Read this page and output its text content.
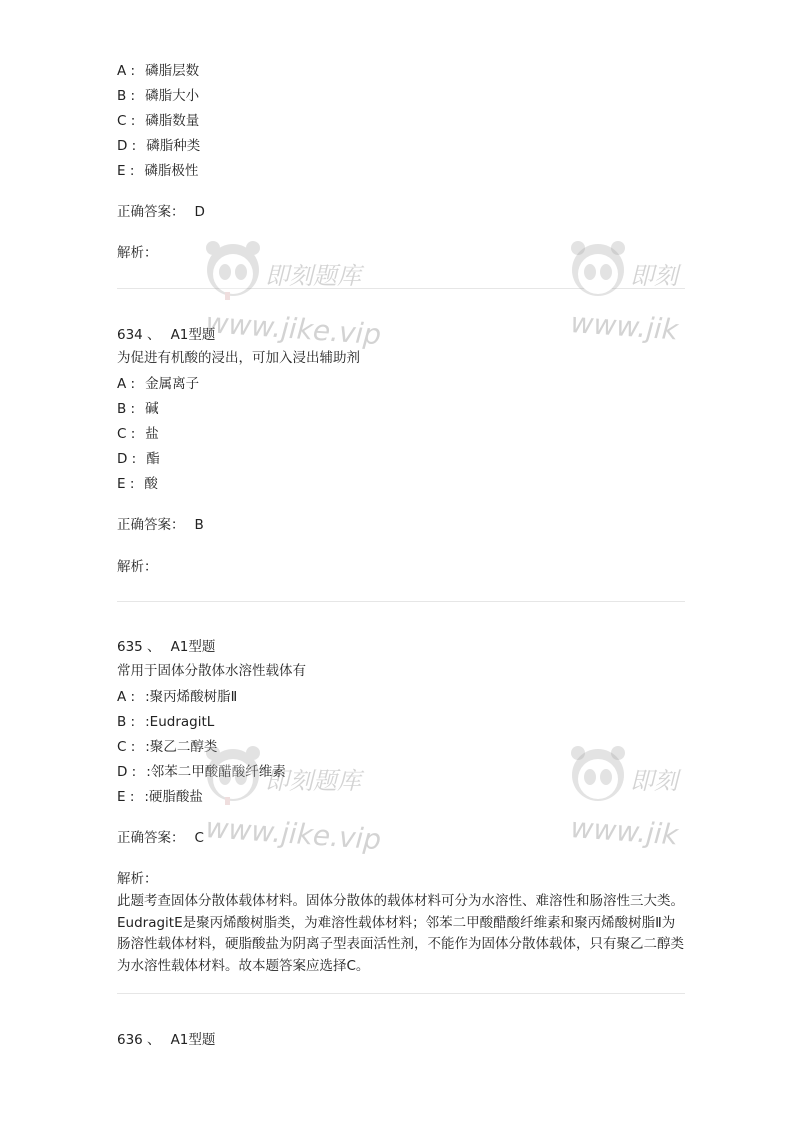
A : 磷脂层数
B : 磷脂大小
C : 磷脂数量
D : 磷脂种类
E : 磷脂极性
正确答案： D
解析：
634 、 A1型题
为促进有机酸的浸出，可加入浸出辅助剂
A : 金属离子
B : 碱
C : 盐
D : 酯
E : 酸
正确答案： B
解析：
635 、 A1型题
常用于固体分散体水溶性载体有
A : :聚丙烯酸树脂Ⅱ
B : :EudragitL
C : :聚乙二醇类
D : :邻苯二甲酸醋酸纤维素
E : :硬脂酸盐
正确答案： C
解析：
此题考查固体分散体载体材料。固体分散体的载体材料可分为水溶性、难溶性和肠溶性三大类。EudragitE是聚丙烯酸树脂类，为难溶性载体材料；邻苯二甲酸醋酸纤维素和聚丙烯酸树脂Ⅱ为肠溶性载体材料，硬脂酸盐为阴离子型表面活性剂，不能作为固体分散体载体，只有聚乙二醇类为水溶性载体材料。故本题答案应选择C。
636 、 A1型题
即刻题库
www.jike.vip
即刻
www.jik
即刻题库
www.jike.vip
即刻
www.jik
